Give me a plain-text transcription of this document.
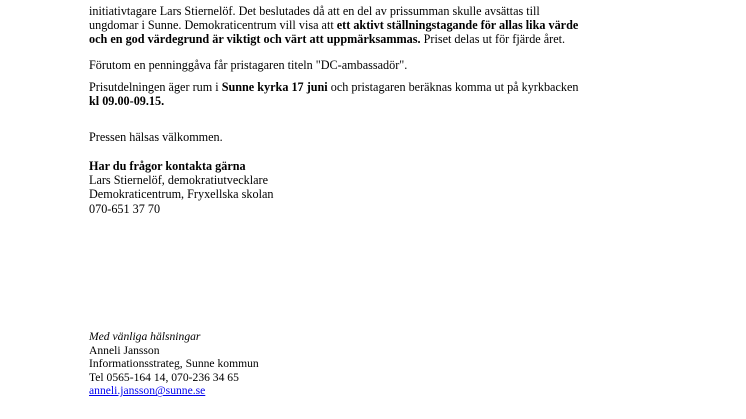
initiativtagare Lars Stiernelöf. Det beslutades då att en del av prissumman skulle avsättas till

ungdomar i Sunne. Demokraticentrum vill visa att ett aktivt ställningstagande för allas lika värde

och en god värdegrund är viktigt och värt att uppmärksammas. Priset delas ut för fjärde året.

Förutom en penninggåva får pristagaren titeln "DC-ambassadör".

Prisutdelningen äger rum i Sunne kyrka 17 juni och pristagaren beräknas komma ut på kyrkbacken

kl 09.00-09.15.

Pressen hälsas välkommen.

Har du frågor kontakta gärna

Lars Stiernelöf, demokratiutvecklare

Demokraticentrum, Fryxellska skolan

070-651 37 70

Med vänliga hälsningar

Anneli Jansson

Informationsstrateg, Sunne kommun

Tel 0565-164 14, 070-236 34 65

anneli.jansson@sunne.se
